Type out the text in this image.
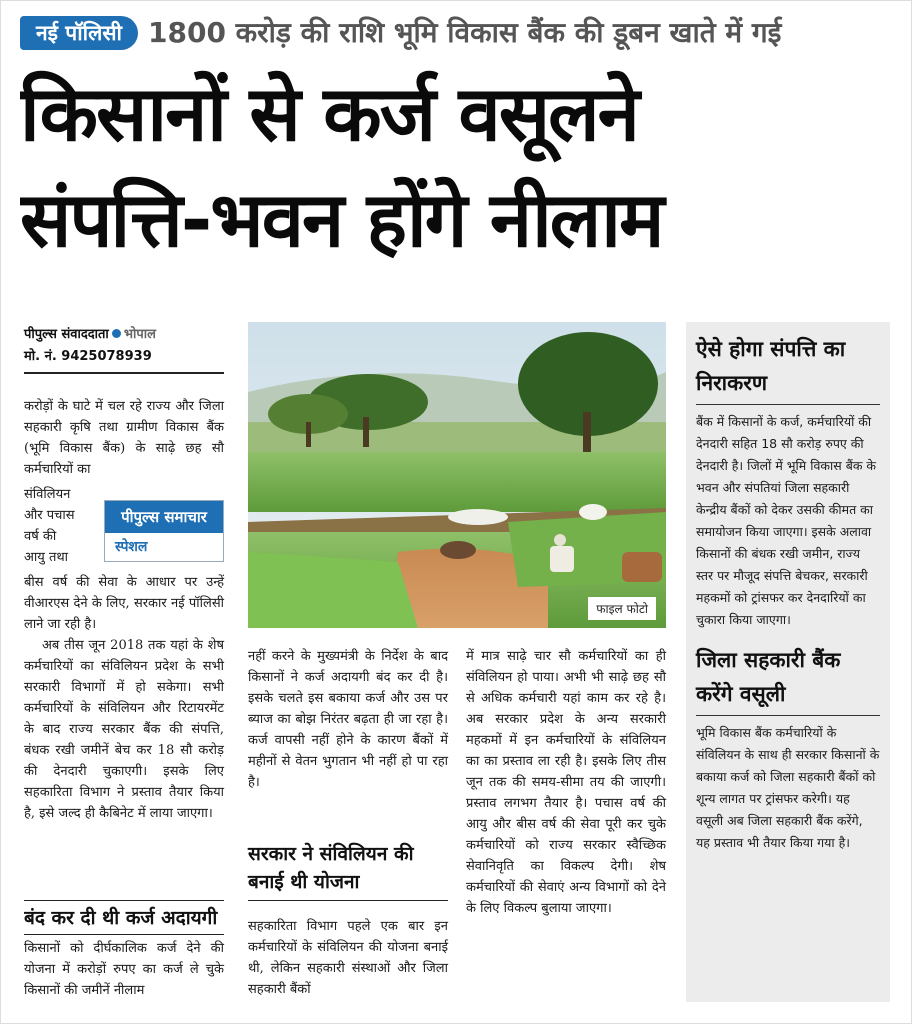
नई पॉलिसी 1800 करोड़ की राशि भूमि विकास बैंक की डूबन खाते में गई
किसानों से कर्ज वसूलने
संपत्ति-भवन होंगे नीलाम
पीपुल्स संवाददाता भोपाल
मो. नं. 9425078939

करोड़ों के घाटे में चल रहे राज्य और जिला सहकारी कृषि तथा ग्रामीण विकास बैंक (भूमि विकास बैंक) के साढ़े छह सौ कर्मचारियों का

संविलियन
और पचास
वर्ष की
आयु तथा
पीपुल्स समाचार
स्पेशल

बीस वर्ष की सेवा के आधार पर उन्हें वीआरएस देने के लिए, सरकार नई पॉलिसी लाने जा रही है।

अब तीस जून 2018 तक यहां के शेष कर्मचारियों का संविलियन प्रदेश के सभी सरकारी विभागों में हो सकेगा। सभी कर्मचारियों के संविलियन और रिटायरमेंट के बाद राज्य सरकार बैंक की संपत्ति, बंधक रखी जमीनें बेच कर 18 सौ करोड़ की देनदारी चुकाएगी। इसके लिए सहकारिता विभाग ने प्रस्ताव तैयार किया है, इसे जल्द ही कैबिनेट में लाया जाएगा।

बंद कर दी थी कर्ज अदायगी

किसानों को दीर्घकालिक कर्ज देने की योजना में करोड़ों रुपए का कर्ज ले चुके किसानों की जमीनें नीलाम

फाइल फोटो

नहीं करने के मुख्यमंत्री के निर्देश के बाद किसानों ने कर्ज अदायगी बंद कर दी है। इसके चलते इस बकाया कर्ज और उस पर ब्याज का बोझ निरंतर बढ़ता ही जा रहा है। कर्ज वापसी नहीं होने के कारण बैंकों में महीनों से वेतन भुगतान भी नहीं हो पा रहा है।

सरकार ने संविलियन की बनाई थी योजना

सहकारिता विभाग पहले एक बार इन कर्मचारियों के संविलियन की योजना बनाई थी, लेकिन सहकारी संस्थाओं और जिला सहकारी बैंकों

में मात्र साढ़े चार सौ कर्मचारियों का ही संविलियन हो पाया। अभी भी साढ़े छह सौ से अधिक कर्मचारी यहां काम कर रहे है। अब सरकार प्रदेश के अन्य सरकारी महकमों में इन कर्मचारियों के संविलियन का का प्रस्ताव ला रही है। इसके लिए तीस जून तक की समय-सीमा तय की जाएगी। प्रस्ताव लगभग तैयार है। पचास वर्ष की आयु और बीस वर्ष की सेवा पूरी कर चुके कर्मचारियों को राज्य सरकार स्वैच्छिक सेवानिवृति का विकल्प देगी। शेष कर्मचारियों की सेवाएं अन्य विभागों को देने के लिए विकल्प बुलाया जाएगा।

ऐसे होगा संपत्ति का निराकरण
बैंक में किसानों के कर्ज, कर्मचारियों की देनदारी सहित 18 सौ करोड़ रुपए की देनदारी है। जिलों में भूमि विकास बैंक के भवन और संपतियां जिला सहकारी केन्द्रीय बैंकों को देकर उसकी कीमत का समायोजन किया जाएगा। इसके अलावा किसानों की बंधक रखी जमीन, राज्य स्तर पर मौजूद संपत्ति बेचकर, सरकारी महकमों को ट्रांसफर कर देनदारियों का चुकारा किया जाएगा।
जिला सहकारी बैंक करेंगे वसूली
भूमि विकास बैंक कर्मचारियों के संविलियन के साथ ही सरकार किसानों के बकाया कर्ज को जिला सहकारी बैंकों को शून्य लागत पर ट्रांसफर करेगी। यह वसूली अब जिला सहकारी बैंक करेंगे, यह प्रस्ताव भी तैयार किया गया है।
